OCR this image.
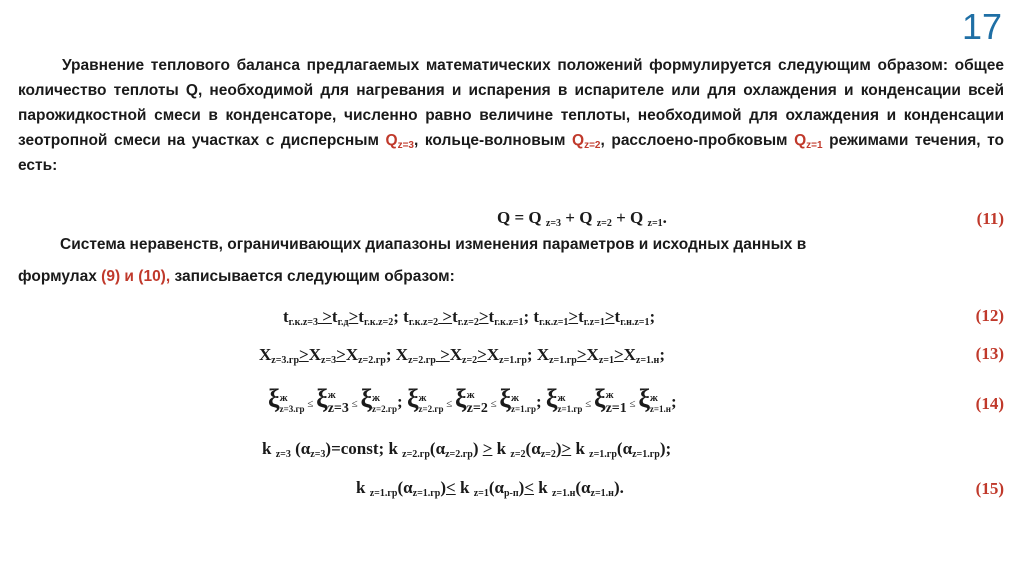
17

Уравнение теплового баланса предлагаемых математических положений формулируется следующим образом: общее количество теплоты Q, необходимой для нагревания и испарения в испарителе или для охлаждения и конденсации всей парожидкостной смеси в конденсаторе, численно равно величине теплоты, необходимой для охлаждения и конденсации зеотропной смеси на участках с дисперсным $Q_{z=3}$, кольце-волновым $Q_{z=2}$, расслоено-пробковым $Q_{z=1}$ режимами течения, то есть:

Q = Q $_{z=3}$ + Q $_{z=2}$ + Q $_{z=1}$.	(11)

Система неравенств, ограничивающих диапазоны изменения параметров и исходных данных в

формулах (9) и (10), записывается следующим образом:
$t_{г.к.z=3} >t_{г.д}>t_{г.к.z=2}$; $t_{г.к.z=2} >t_{г.z=2}>t_{г.к.z=1}$; $t_{г.к.z=1}>t_{г.z=1}>t_{г.н.z=1}$;	(12)
$X_{z=3.гр}>X_{z=3}>X_{z=2.гр}$; $X_{z=2.гр} >X_{z=2}>X_{z=1.гр}$; $X_{z=1.гр}>X_{z=1}>X_{z=1.н}$;	(13)
ξ ж
z=3.гр ≤ ξ ж
z=3 ≤ ξ ж
z=2.гр ; ξ ж
z=2.гр ≤ ξ ж
z=2 ≤ ξ ж
z=1.гр ; ξ ж
z=1.гр ≤ ξ ж
z=1 ≤ ξ ж
z=1.н ;	(14)
k $_{z=3}$ $(\alpha_{z=3})=const$; k $_{z=2.гр}(\alpha_{z=2.гр}) > k$ $_{z=2}(\alpha_{z=2})> k$ $_{z=1.гр}(\alpha_{z=1.гр})$;
k $_{z=1.гр}(\alpha_{z=1.гр})< k$ $_{z=1}(\alpha_{р-п})< k$ $_{z=1.н}(\alpha_{z=1.н})$.	(15)
